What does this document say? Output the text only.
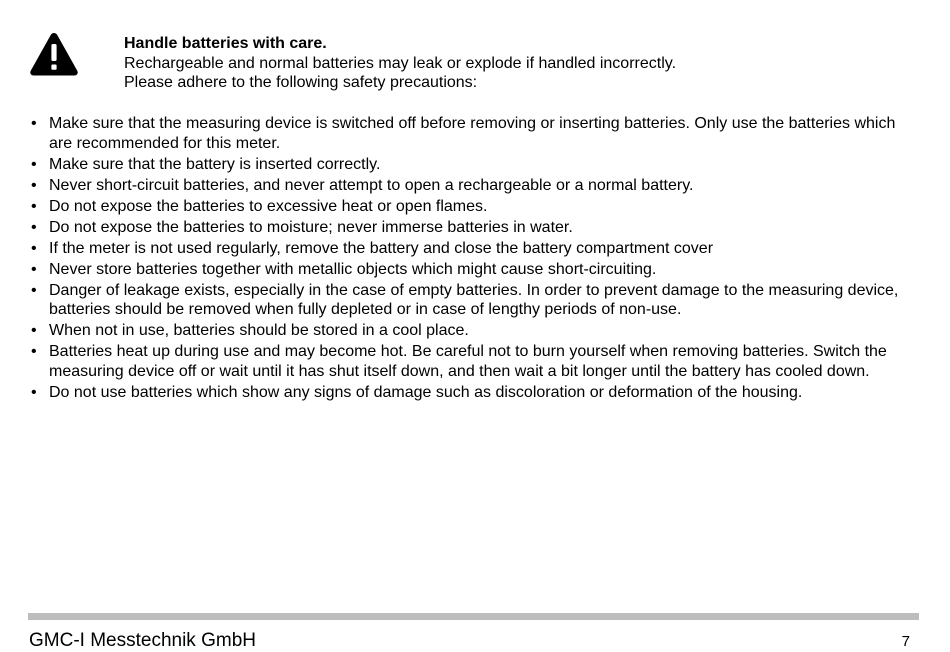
Handle batteries with care.
Rechargeable and normal batteries may leak or explode if handled incorrectly.
Please adhere to the following safety precautions:
• Make sure that the measuring device is switched off before removing or inserting batteries. Only use the batteries which are recommended for this meter.
• Make sure that the battery is inserted correctly.
• Never short-circuit batteries, and never attempt to open a rechargeable or a normal battery.
• Do not expose the batteries to excessive heat or open flames.
• Do not expose the batteries to moisture; never immerse batteries in water.
• If the meter is not used regularly, remove the battery and close the battery compartment cover
• Never store batteries together with metallic objects which might cause short-circuiting.
• Danger of leakage exists, especially in the case of empty batteries. In order to prevent damage to the measuring device, batteries should be removed when fully depleted or in case of lengthy periods of non-use.
• When not in use, batteries should be stored in a cool place.
• Batteries heat up during use and may become hot. Be careful not to burn yourself when removing batteries. Switch the measuring device off or wait until it has shut itself down, and then wait a bit longer until the battery has cooled down.
• Do not use batteries which show any signs of damage such as discoloration or deformation of the housing.
GMC-I Messtechnik GmbH	7
